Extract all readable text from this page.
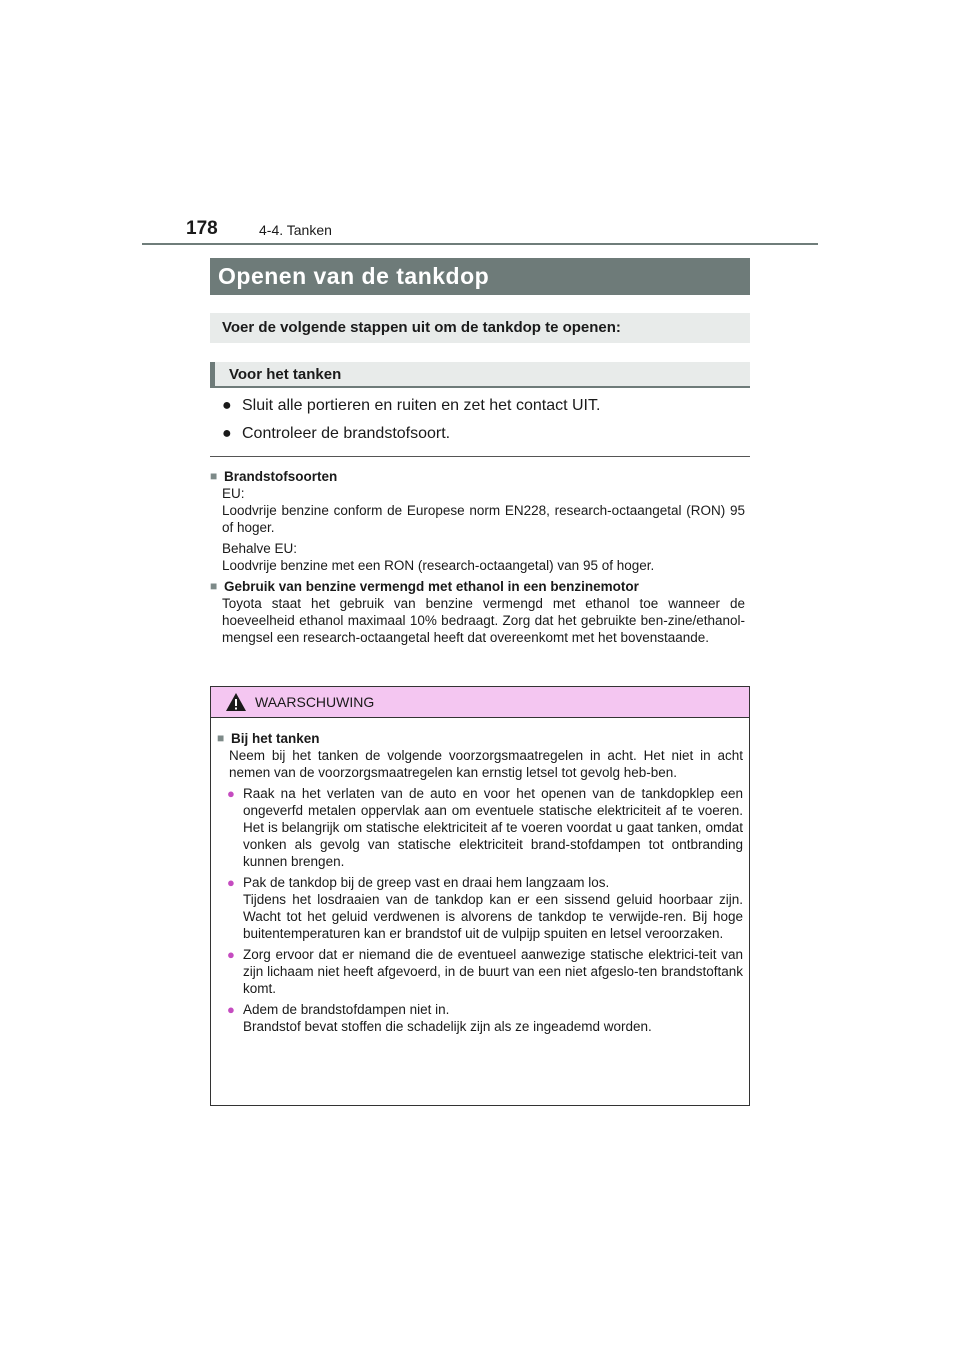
178	4-4. Tanken
Openen van de tankdop
Voer de volgende stappen uit om de tankdop te openen:
Voor het tanken
● Sluit alle portieren en ruiten en zet het contact UIT.
● Controleer de brandstofsoort.
■ Brandstofsoorten

EU:
Loodvrije benzine conform de Europese norm EN228, research-octaangetal (RON) 95 of hoger.

Behalve EU:
Loodvrije benzine met een RON (research-octaangetal) van 95 of hoger.

■ Gebruik van benzine vermengd met ethanol in een benzinemotor

Toyota staat het gebruik van benzine vermengd met ethanol toe wanneer de hoeveelheid ethanol maximaal 10% bedraagt. Zorg dat het gebruikte ben-zine/ethanol-mengsel een research-octaangetal heeft dat overeenkomt met het bovenstaande.

WAARSCHUWING
■ Bij het tanken
Neem bij het tanken de volgende voorzorgsmaatregelen in acht. Het niet in acht nemen van de voorzorgsmaatregelen kan ernstig letsel tot gevolg heb-ben.
● Raak na het verlaten van de auto en voor het openen van de tankdopklep een ongeverfd metalen oppervlak aan om eventuele statische elektriciteit af te voeren. Het is belangrijk om statische elektriciteit af te voeren voordat u gaat tanken, omdat vonken als gevolg van statische elektriciteit brand-stofdampen tot ontbranding kunnen brengen.
● Pak de tankdop bij de greep vast en draai hem langzaam los.
Tijdens het losdraaien van de tankdop kan er een sissend geluid hoorbaar zijn. Wacht tot het geluid verdwenen is alvorens de tankdop te verwijde-ren. Bij hoge buitentemperaturen kan er brandstof uit de vulpijp spuiten en letsel veroorzaken.
● Zorg ervoor dat er niemand die de eventueel aanwezige statische elektrici-teit van zijn lichaam niet heeft afgevoerd, in de buurt van een niet afgeslo-ten brandstoftank komt.
● Adem de brandstofdampen niet in.
Brandstof bevat stoffen die schadelijk zijn als ze ingeademd worden.
